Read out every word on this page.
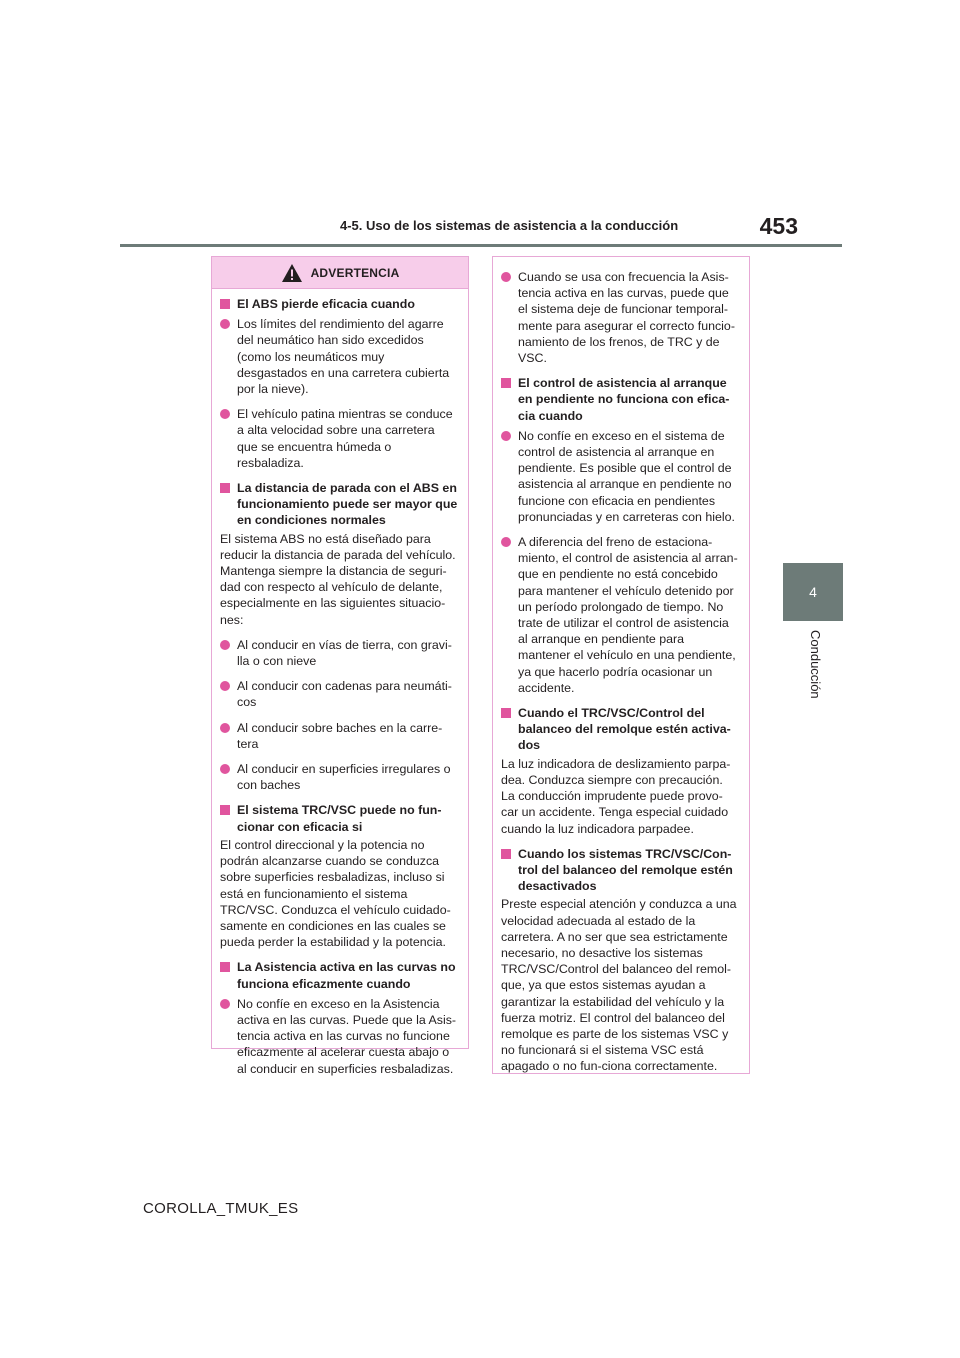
4-5. Uso de los sistemas de asistencia a la conducción	453
4
Conducción
ADVERTENCIA
El ABS pierde eficacia cuando
Los límites del rendimiento del agarre del neumático han sido excedidos (como los neumáticos muy desgastados en una carretera cubierta por la nieve).
El vehículo patina mientras se conduce a alta velocidad sobre una carretera que se encuentra húmeda o resbaladiza.
La distancia de parada con el ABS en funcionamiento puede ser mayor que en condiciones normales
El sistema ABS no está diseñado para reducir la distancia de parada del vehículo. Mantenga siempre la distancia de seguri-dad con respecto al vehículo de delante, especialmente en las siguientes situacio-nes:
Al conducir en vías de tierra, con gravi-lla o con nieve
Al conducir con cadenas para neumáti-cos
Al conducir sobre baches en la carre-tera
Al conducir en superficies irregulares o con baches
El sistema TRC/VSC puede no fun-cionar con eficacia si
El control direccional y la potencia no podrán alcanzarse cuando se conduzca sobre superficies resbaladizas, incluso si está en funcionamiento el sistema TRC/VSC. Conduzca el vehículo cuidado-samente en condiciones en las cuales se pueda perder la estabilidad y la potencia.
La Asistencia activa en las curvas no funciona eficazmente cuando
No confíe en exceso en la Asistencia activa en las curvas. Puede que la Asis-tencia activa en las curvas no funcione eficazmente al acelerar cuesta abajo o al conducir en superficies resbaladizas.
Cuando se usa con frecuencia la Asis-tencia activa en las curvas, puede que el sistema deje de funcionar temporal-mente para asegurar el correcto funcio-namiento de los frenos, de TRC y de VSC.
El control de asistencia al arranque en pendiente no funciona con efica-cia cuando
No confíe en exceso en el sistema de control de asistencia al arranque en pendiente. Es posible que el control de asistencia al arranque en pendiente no funcione con eficacia en pendientes pronunciadas y en carreteras con hielo.
A diferencia del freno de estaciona-miento, el control de asistencia al arran-que en pendiente no está concebido para mantener el vehículo detenido por un período prolongado de tiempo. No trate de utilizar el control de asistencia al arranque en pendiente para mantener el vehículo en una pendiente, ya que hacerlo podría ocasionar un accidente.
Cuando el TRC/VSC/Control del balanceo del remolque estén activa-dos
La luz indicadora de deslizamiento parpa-dea. Conduzca siempre con precaución. La conducción imprudente puede provo-car un accidente. Tenga especial cuidado cuando la luz indicadora parpadee.
Cuando los sistemas TRC/VSC/Con-trol del balanceo del remolque estén desactivados
Preste especial atención y conduzca a una velocidad adecuada al estado de la carretera. A no ser que sea estrictamente necesario, no desactive los sistemas TRC/VSC/Control del balanceo del remol-que, ya que estos sistemas ayudan a garantizar la estabilidad del vehículo y la fuerza motriz. El control del balanceo del remolque es parte de los sistemas VSC y no funcionará si el sistema VSC está apagado o no fun-ciona correctamente.
COROLLA_TMUK_ES
